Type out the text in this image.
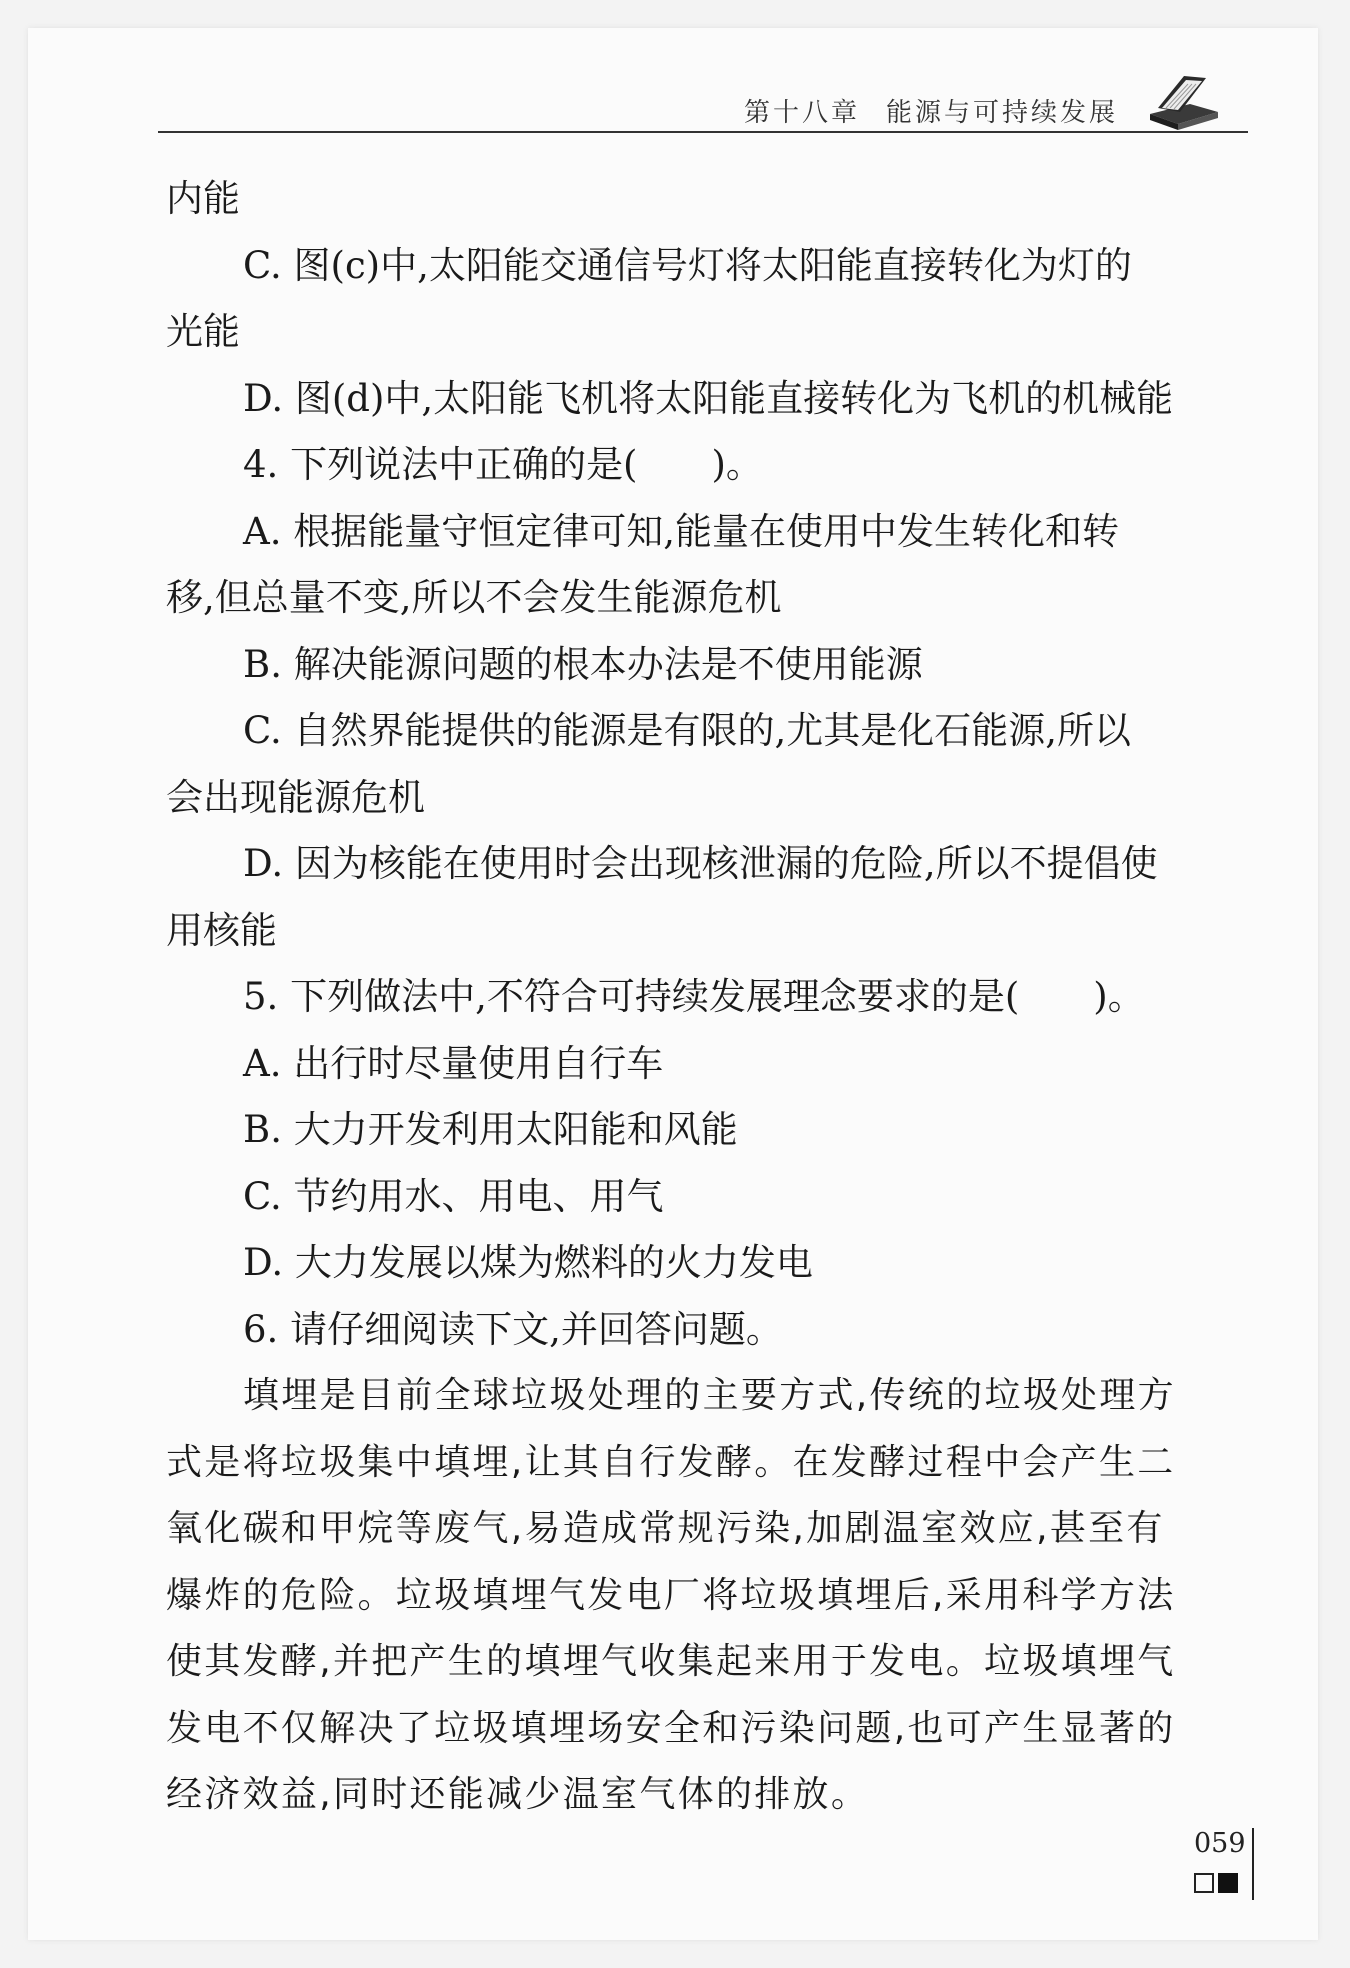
第十八章 能源与可持续发展
内能
C. 图(c)中,太阳能交通信号灯将太阳能直接转化为灯的
光能
D. 图(d)中,太阳能飞机将太阳能直接转化为飞机的机械能
4. 下列说法中正确的是(　　)。
A. 根据能量守恒定律可知,能量在使用中发生转化和转
移,但总量不变,所以不会发生能源危机
B. 解决能源问题的根本办法是不使用能源
C. 自然界能提供的能源是有限的,尤其是化石能源,所以
会出现能源危机
D. 因为核能在使用时会出现核泄漏的危险,所以不提倡使
用核能
5. 下列做法中,不符合可持续发展理念要求的是(　　)。
A. 出行时尽量使用自行车
B. 大力开发利用太阳能和风能
C. 节约用水、用电、用气
D. 大力发展以煤为燃料的火力发电
6. 请仔细阅读下文,并回答问题。
填埋是目前全球垃圾处理的主要方式,传统的垃圾处理方
式是将垃圾集中填埋,让其自行发酵。在发酵过程中会产生二
氧化碳和甲烷等废气,易造成常规污染,加剧温室效应,甚至有
爆炸的危险。垃圾填埋气发电厂将垃圾填埋后,采用科学方法
使其发酵,并把产生的填埋气收集起来用于发电。垃圾填埋气
发电不仅解决了垃圾填埋场安全和污染问题,也可产生显著的
经济效益,同时还能减少温室气体的排放。
059
